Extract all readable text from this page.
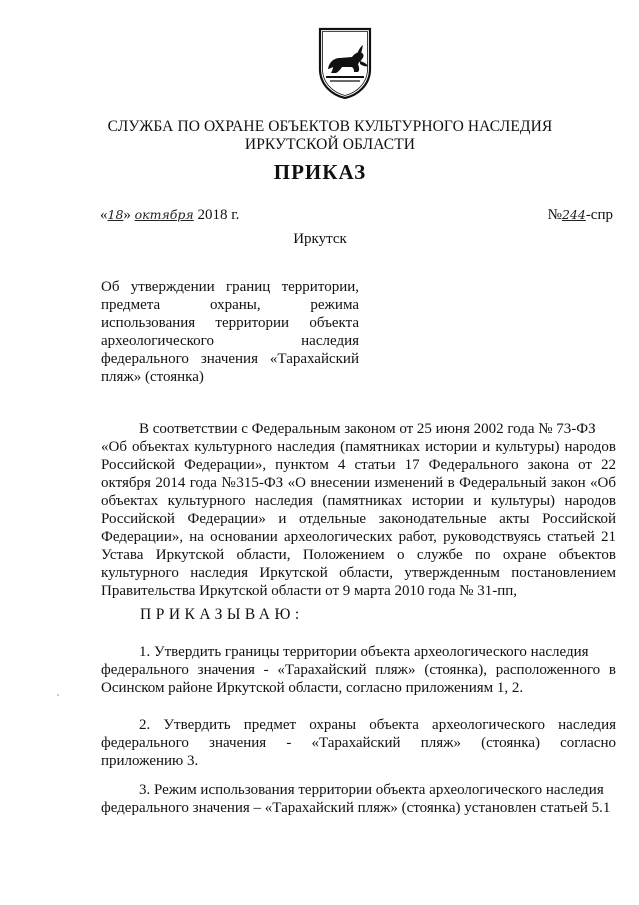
СЛУЖБА ПО ОХРАНЕ ОБЪЕКТОВ КУЛЬТУРНОГО НАСЛЕДИЯ
ИРКУТСКОЙ ОБЛАСТИ
ПРИКАЗ
«18» октября 2018 г.	№244-спр
Иркутск
Об утверждении границ территории,
предмета охраны, режима
использования территории объекта
археологического наследия
федерального значения «Тарахайский
пляж» (стоянка)
В соответствии с Федеральным законом от 25 июня 2002 года № 73-ФЗ
«Об объектах культурного наследия (памятниках истории и культуры) народов
Российской Федерации», пунктом 4 статьи 17 Федерального закона от 22
октября 2014 года №315-ФЗ «О внесении изменений в Федеральный закон «Об
объектах культурного наследия (памятниках истории и культуры) народов
Российской Федерации» и отдельные законодательные акты Российской
Федерации», на основании археологических работ, руководствуясь статьей 21
Устава Иркутской области, Положением о службе по охране объектов
культурного наследия Иркутской области, утвержденным постановлением
Правительства Иркутской области от 9 марта 2010 года № 31-пп,
ПРИКАЗЫВАЮ:
1. Утвердить границы территории объекта археологического наследия
федерального значения - «Тарахайский пляж» (стоянка), расположенного в
Осинском районе Иркутской области, согласно приложениям 1, 2.
2. Утвердить предмет охраны объекта археологического наследия
федерального значения - «Тарахайский пляж» (стоянка) согласно
приложению 3.
3. Режим использования территории объекта археологического наследия
федерального значения – «Тарахайский пляж» (стоянка) установлен статьей 5.1
